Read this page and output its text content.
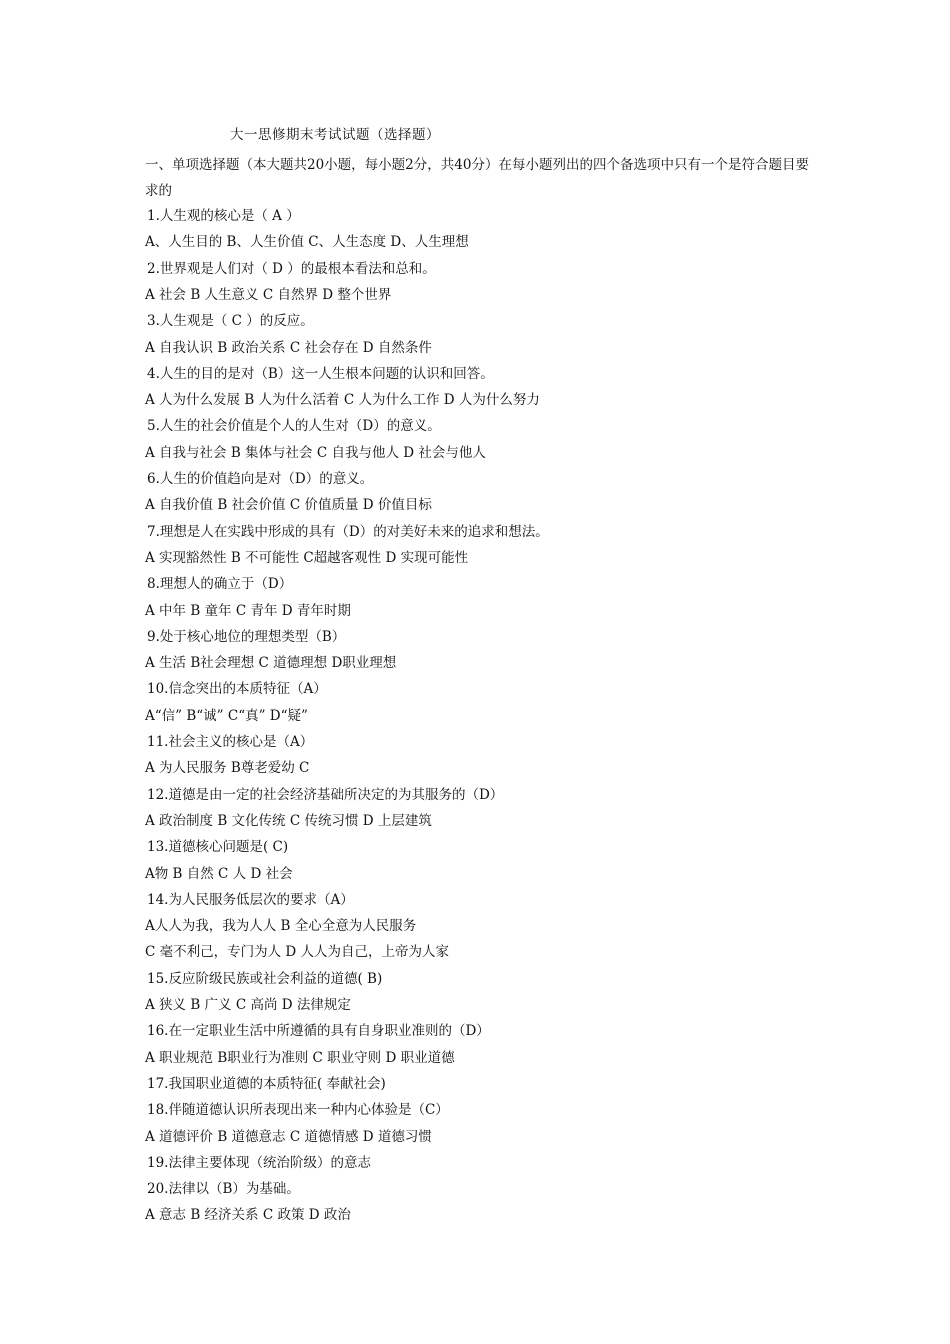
大一思修期末考试试题（选择题）
一、单项选择题（本大题共20小题，每小题2分，共40分）在每小题列出的四个备选项中只有一个是符合题目要求的
1.人生观的核心是（ A ）
A、人生目的 B、人生价值 C、人生态度 D、人生理想
2.世界观是人们对（ D ）的最根本看法和总和。
A 社会 B 人生意义 C 自然界 D 整个世界
3.人生观是（ C ）的反应。
A 自我认识 B 政治关系 C 社会存在 D 自然条件
4.人生的目的是对（B）这一人生根本问题的认识和回答。
A 人为什么发展 B 人为什么活着 C 人为什么工作 D 人为什么努力
5.人生的社会价值是个人的人生对（D）的意义。
A 自我与社会 B 集体与社会 C 自我与他人 D 社会与他人
6.人生的价值趋向是对（D）的意义。
A 自我价值 B 社会价值 C 价值质量 D 价值目标
7.理想是人在实践中形成的具有（D）的对美好未来的追求和想法。
A 实现豁然性 B 不可能性 C超越客观性 D 实现可能性
8.理想人的确立于（D）
A 中年 B 童年 C 青年 D 青年时期
9.处于核心地位的理想类型（B）
A 生活 B社会理想 C 道德理想 D职业理想
10.信念突出的本质特征（A）
A“信” B“诚” C“真” D“疑”
11.社会主义的核心是（A）
A 为人民服务 B尊老爱幼 C
12.道德是由一定的社会经济基础所决定的为其服务的（D）
A 政治制度 B 文化传统 C 传统习惯 D 上层建筑
13.道德核心问题是( C)
A物 B 自然 C 人 D 社会
14.为人民服务低层次的要求（A）
A人人为我，我为人人 B 全心全意为人民服务
C 毫不利己，专门为人 D 人人为自己，上帝为人家
15.反应阶级民族或社会利益的道德( B)
A 狭义 B 广义 C 高尚 D 法律规定
16.在一定职业生活中所遵循的具有自身职业准则的（D）
A 职业规范 B职业行为准则 C 职业守则 D 职业道德
17.我国职业道德的本质特征( 奉献社会)
18.伴随道德认识所表现出来一种内心体验是（C）
A 道德评价 B 道德意志 C 道德情感 D 道德习惯
19.法律主要体现（统治阶级）的意志
20.法律以（B）为基础。
A 意志 B 经济关系 C 政策 D 政治
